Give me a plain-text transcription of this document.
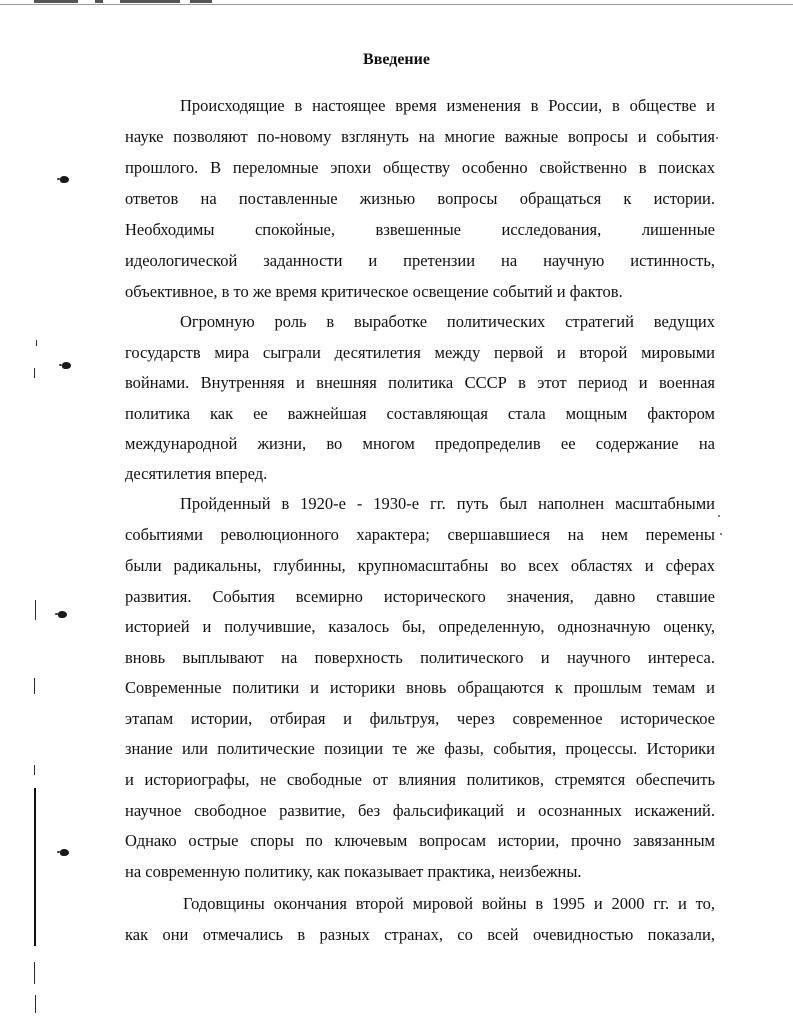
Введение
Происходящие в настоящее время изменения в России, в обществе и
науке позволяют по-новому взглянуть на многие важные вопросы и события
прошлого. В переломные эпохи обществу особенно свойственно в поисках
ответов на поставленные жизнью вопросы обращаться к истории.
Необходимы спокойные, взвешенные исследования, лишенные
идеологической заданности и претензии на научную истинность,
объективное, в то же время критическое освещение событий и фактов.
Огромную роль в выработке политических стратегий ведущих
государств мира сыграли десятилетия между первой и второй мировыми
войнами. Внутренняя и внешняя политика СССР в этот период и военная
политика как ее важнейшая составляющая стала мощным фактором
международной жизни, во многом предопределив ее содержание на
десятилетия вперед.
Пройденный в 1920-е - 1930-е гг. путь был наполнен масштабными
событиями революционного характера; свершавшиеся на нем перемены
были радикальны, глубинны, крупномасштабны во всех областях и сферах
развития. События всемирно исторического значения, давно ставшие
историей и получившие, казалось бы, определенную, однозначную оценку,
вновь выплывают на поверхность политического и научного интереса.
Современные политики и историки вновь обращаются к прошлым темам и
этапам истории, отбирая и фильтруя, через современное историческое
знание или политические позиции те же фазы, события, процессы. Историки
и историографы, не свободные от влияния политиков, стремятся обеспечить
научное свободное развитие, без фальсификаций и осознанных искажений.
Однако острые споры по ключевым вопросам истории, прочно завязанным
на современную политику, как показывает практика, неизбежны.
Годовщины окончания второй мировой войны в 1995 и 2000 гг. и то,
как они отмечались в разных странах, со всей очевидностью показали,
